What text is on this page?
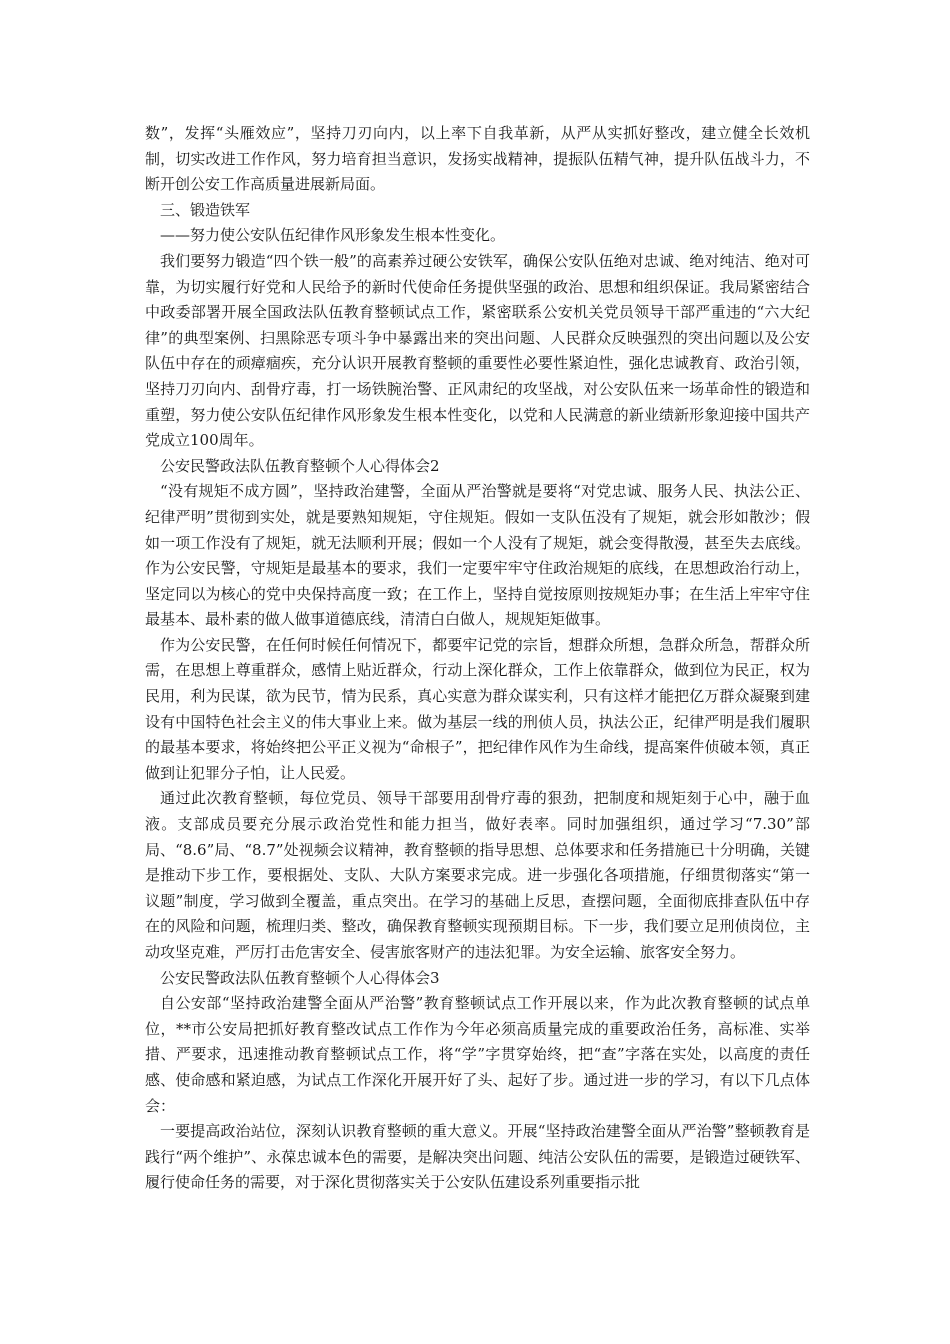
数”，发挥“头雁效应”，坚持刀刃向内，以上率下自我革新，从严从实抓好整改，建立健全长效机制，切实改进工作作风，努力培育担当意识，发扬实战精神，提振队伍精气神，提升队伍战斗力，不断开创公安工作高质量进展新局面。

三、锻造铁军

——努力使公安队伍纪律作风形象发生根本性变化。

我们要努力锻造“四个铁一般”的高素养过硬公安铁军，确保公安队伍绝对忠诚、绝对纯洁、绝对可靠，为切实履行好党和人民给予的新时代使命任务提供坚强的政治、思想和组织保证。我局紧密结合中政委部署开展全国政法队伍教育整顿试点工作，紧密联系公安机关党员领导干部严重违的“六大纪律”的典型案例、扫黑除恶专项斗争中暴露出来的突出问题、人民群众反映强烈的突出问题以及公安队伍中存在的顽瘴痼疾，充分认识开展教育整顿的重要性必要性紧迫性，强化忠诚教育、政治引领，坚持刀刃向内、刮骨疗毒，打一场铁腕治警、正风肃纪的攻坚战，对公安队伍来一场革命性的锻造和重塑，努力使公安队伍纪律作风形象发生根本性变化，以党和人民满意的新业绩新形象迎接中国共产党成立100周年。

公安民警政法队伍教育整顿个人心得体会2

“没有规矩不成方圆”，坚持政治建警，全面从严治警就是要将“对党忠诚、服务人民、执法公正、纪律严明”贯彻到实处，就是要熟知规矩，守住规矩。假如一支队伍没有了规矩，就会形如散沙；假如一项工作没有了规矩，就无法顺利开展；假如一个人没有了规矩，就会变得散漫，甚至失去底线。作为公安民警，守规矩是最基本的要求，我们一定要牢牢守住政治规矩的底线，在思想政治行动上，坚定同以为核心的党中央保持高度一致；在工作上，坚持自觉按原则按规矩办事；在生活上牢牢守住最基本、最朴素的做人做事道德底线，清清白白做人，规规矩矩做事。

作为公安民警，在任何时候任何情况下，都要牢记党的宗旨，想群众所想，急群众所急，帮群众所需，在思想上尊重群众，感情上贴近群众，行动上深化群众，工作上依靠群众，做到位为民正，权为民用，利为民谋，欲为民节，情为民系，真心实意为群众谋实利，只有这样才能把亿万群众凝聚到建设有中国特色社会主义的伟大事业上来。做为基层一线的刑侦人员，执法公正，纪律严明是我们履职的最基本要求，将始终把公平正义视为“命根子”，把纪律作风作为生命线，提高案件侦破本领，真正做到让犯罪分子怕，让人民爱。

通过此次教育整顿，每位党员、领导干部要用刮骨疗毒的狠劲，把制度和规矩刻于心中，融于血液。支部成员要充分展示政治党性和能力担当，做好表率。同时加强组织，通过学习“7.30”部局、“8.6”局、“8.7”处视频会议精神，教育整顿的指导思想、总体要求和任务措施已十分明确，关键是推动下步工作，要根据处、支队、大队方案要求完成。进一步强化各项措施，仔细贯彻落实“第一议题”制度，学习做到全覆盖，重点突出。在学习的基础上反思，查摆问题，全面彻底排查队伍中存在的风险和问题，梳理归类、整改，确保教育整顿实现预期目标。下一步，我们要立足刑侦岗位，主动攻坚克难，严厉打击危害安全、侵害旅客财产的违法犯罪。为安全运输、旅客安全努力。

公安民警政法队伍教育整顿个人心得体会3

自公安部“坚持政治建警全面从严治警”教育整顿试点工作开展以来，作为此次教育整顿的试点单位，**市公安局把抓好教育整改试点工作作为今年必须高质量完成的重要政治任务，高标准、实举措、严要求，迅速推动教育整顿试点工作，将“学”字贯穿始终，把“查”字落在实处，以高度的责任感、使命感和紧迫感，为试点工作深化开展开好了头、起好了步。通过进一步的学习，有以下几点体会：

一要提高政治站位，深刻认识教育整顿的重大意义。开展“坚持政治建警全面从严治警”整顿教育是践行“两个维护”、永葆忠诚本色的需要，是解决突出问题、纯洁公安队伍的需要，是锻造过硬铁军、履行使命任务的需要，对于深化贯彻落实关于公安队伍建设系列重要指示批
